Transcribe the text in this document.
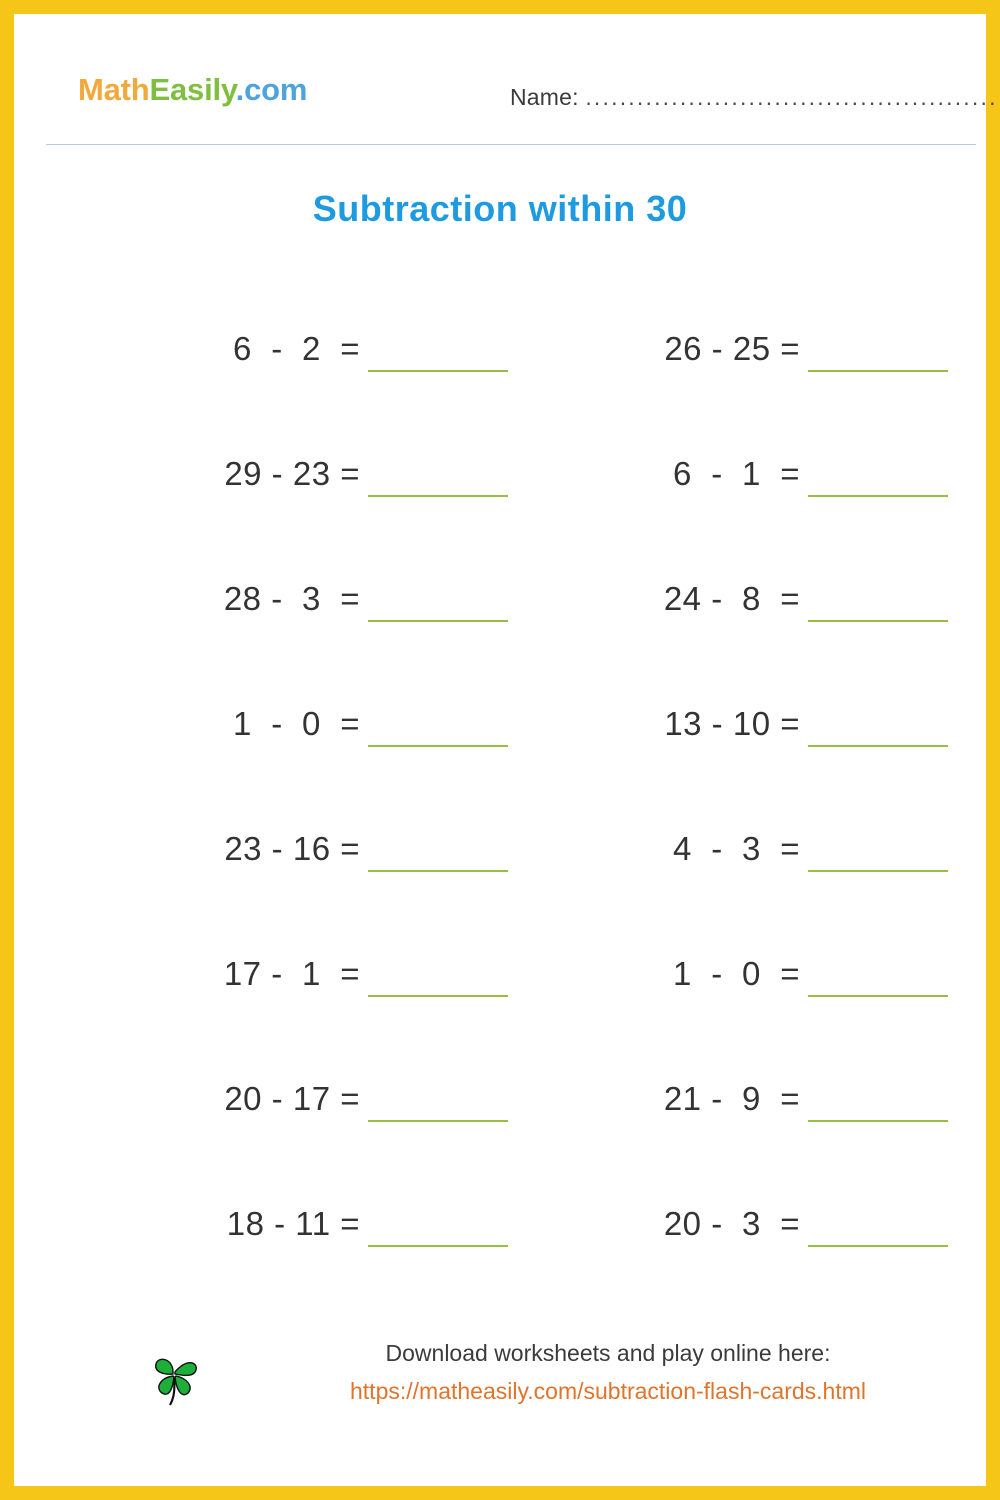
MathEasily.com	Name: ................................................
Subtraction within 30
6  -  2  =
29 - 23 =
28 -  3  =
1  -  0  =
23 - 16 =
17 -  1  =
20 - 17 =
18 - 11 =
26 - 25 =
6  -  1  =
24 -  8  =
13 - 10 =
4  -  3  =
1  -  0  =
21 -  9  =
20 -  3  =
Download worksheets and play online here:
https://matheasily.com/subtraction-flash-cards.html
